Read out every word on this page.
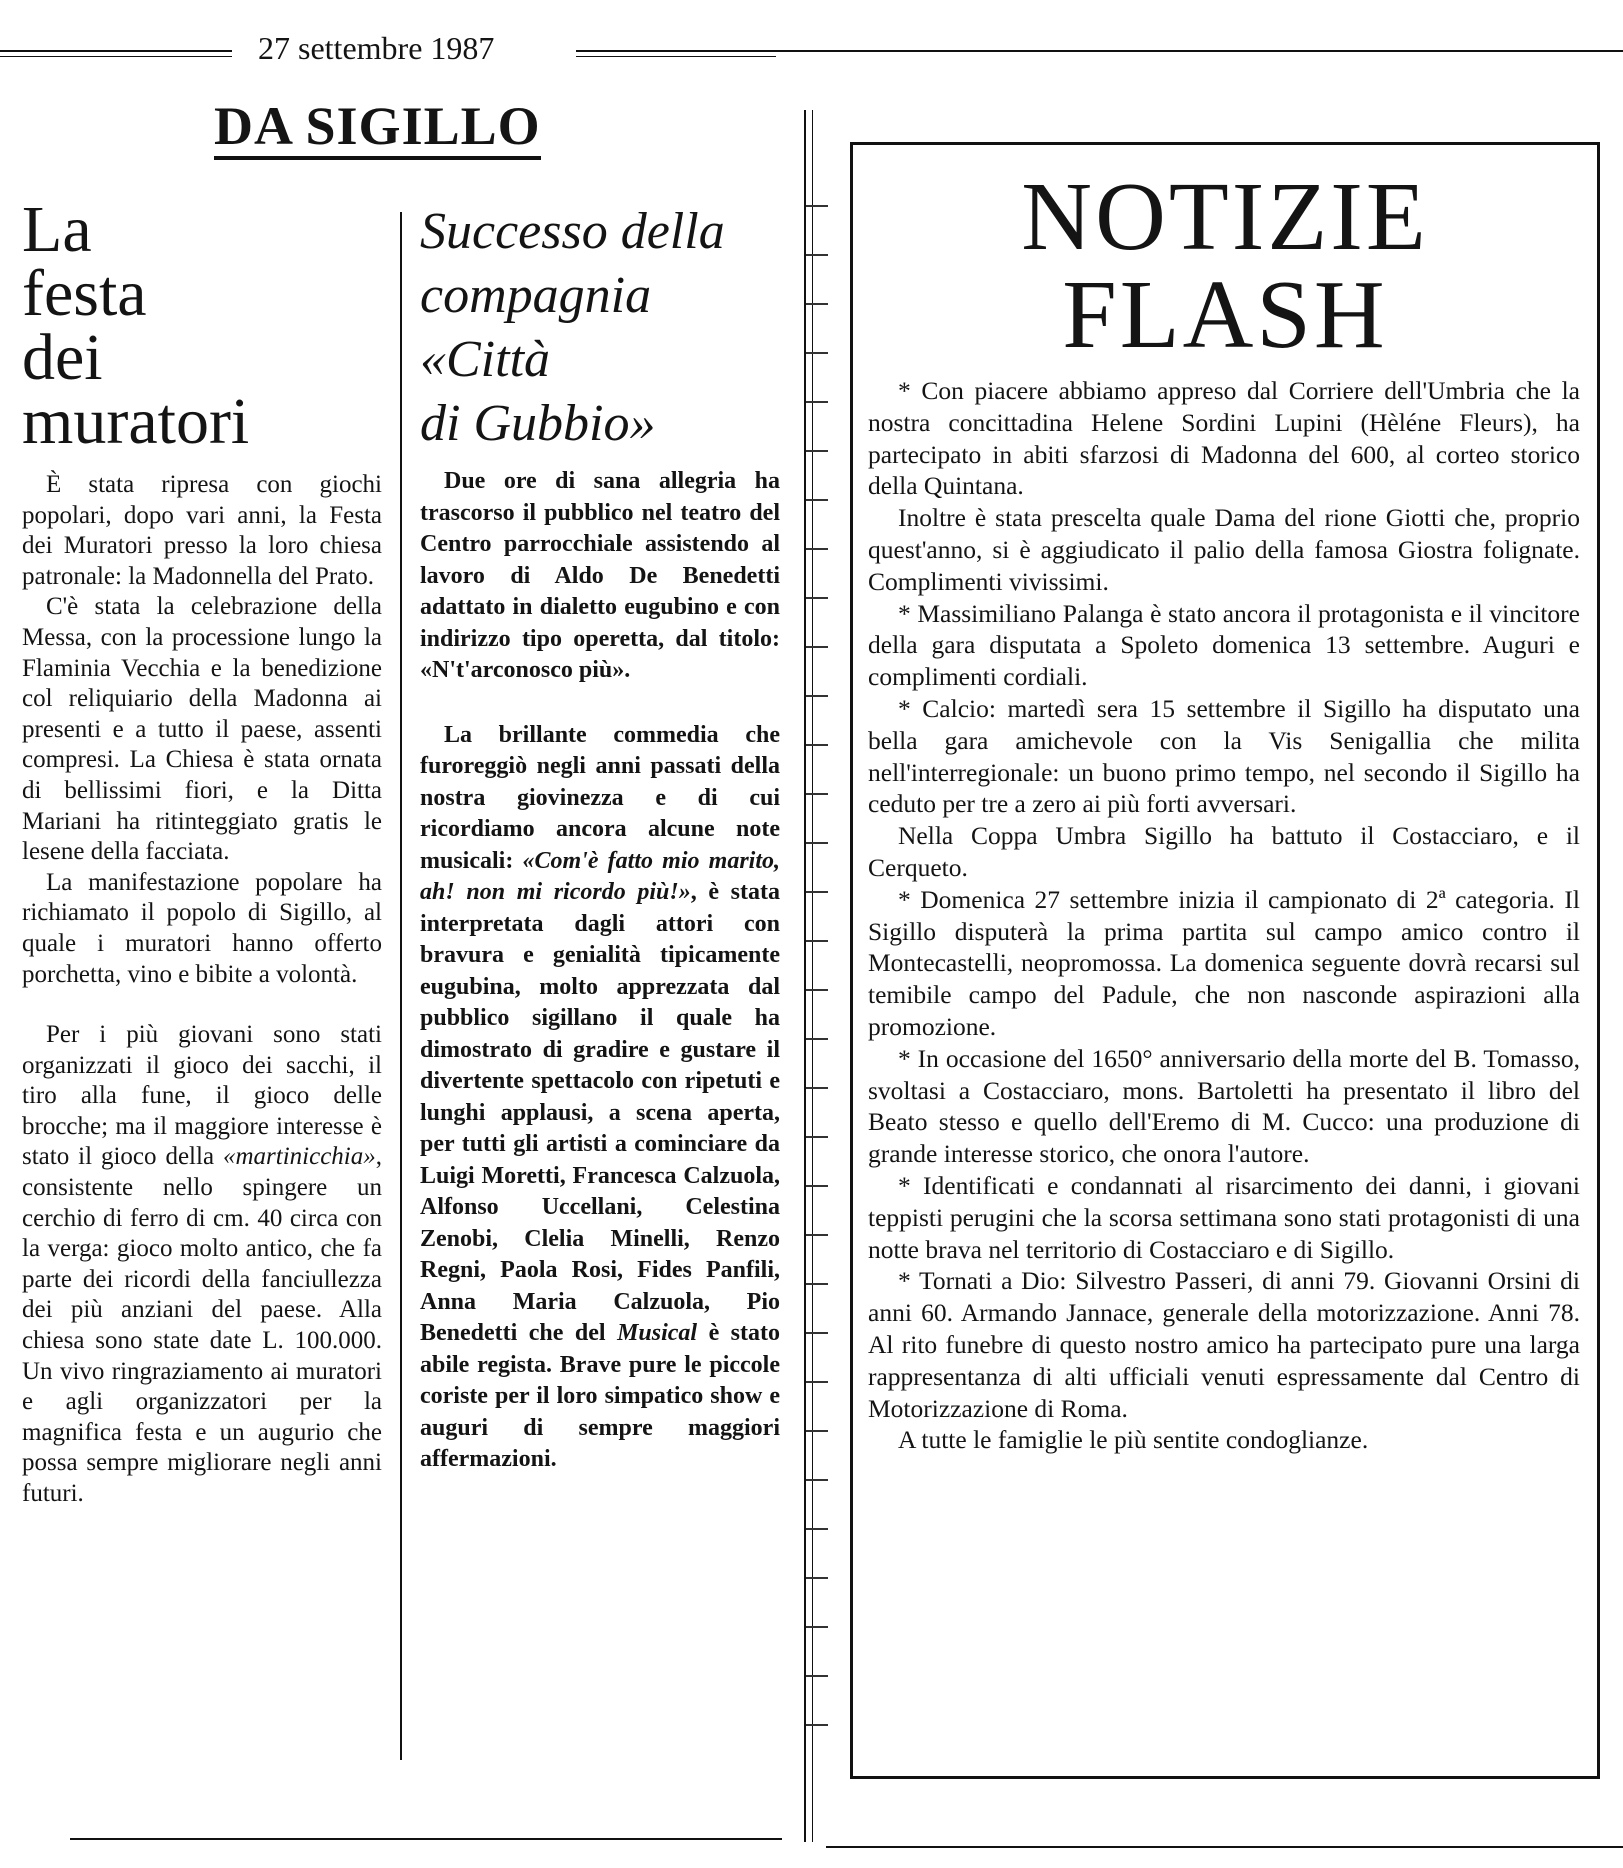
27 settembre 1987
DA SIGILLO
La
festa
dei
muratori

È stata ripresa con giochi popolari, dopo vari anni, la Festa dei Muratori presso la loro chiesa patronale: la Madonnella del Prato.

C'è stata la celebrazione della Messa, con la processione lungo la Flaminia Vecchia e la benedizione col reliquiario della Madonna ai presenti e a tutto il paese, assenti compresi. La Chiesa è stata ornata di bellissimi fiori, e la Ditta Mariani ha ritinteggiato gratis le lesene della facciata.

La manifestazione popolare ha richiamato il popolo di Sigillo, al quale i muratori hanno offerto porchetta, vino e bibite a volontà.

Per i più giovani sono stati organizzati il gioco dei sacchi, il tiro alla fune, il gioco delle brocche; ma il maggiore interesse è stato il gioco della «martinicchia», consistente nello spingere un cerchio di ferro di cm. 40 circa con la verga: gioco molto antico, che fa parte dei ricordi della fanciullezza dei più anziani del paese. Alla chiesa sono state date L. 100.000. Un vivo ringraziamento ai muratori e agli organizzatori per la magnifica festa e un augurio che possa sempre migliorare negli anni futuri.

Successo della
compagnia
«Città
di Gubbio»

Due ore di sana allegria ha trascorso il pubblico nel teatro del Centro parrocchiale assistendo al lavoro di Aldo De Benedetti adattato in dialetto eugubino e con indirizzo tipo operetta, dal titolo: «N't'arconosco più».

La brillante commedia che furoreggiò negli anni passati della nostra giovinezza e di cui ricordiamo ancora alcune note musicali: «Com'è fatto mio marito, ah! non mi ricordo più!», è stata interpretata dagli attori con bravura e genialità tipicamente eugubina, molto apprezzata dal pubblico sigillano il quale ha dimostrato di gradire e gustare il divertente spettacolo con ripetuti e lunghi applausi, a scena aperta, per tutti gli artisti a cominciare da Luigi Moretti, Francesca Calzuola, Alfonso Uccellani, Celestina Zenobi, Clelia Minelli, Renzo Regni, Paola Rosi, Fides Panfili, Anna Maria Calzuola, Pio Benedetti che del Musical è stato abile regista. Brave pure le piccole coriste per il loro simpatico show e auguri di sempre maggiori affermazioni.

NOTIZIE
FLASH

* Con piacere abbiamo appreso dal Corriere dell'Umbria che la nostra concittadina Helene Sordini Lupini (Hèléne Fleurs), ha partecipato in abiti sfarzosi di Madonna del 600, al corteo storico della Quintana.

Inoltre è stata prescelta quale Dama del rione Giotti che, proprio quest'anno, si è aggiudicato il palio della famosa Giostra folignate. Complimenti vivissimi.

* Massimiliano Palanga è stato ancora il protagonista e il vincitore della gara disputata a Spoleto domenica 13 settembre. Auguri e complimenti cordiali.

* Calcio: martedì sera 15 settembre il Sigillo ha disputato una bella gara amichevole con la Vis Senigallia che milita nell'interregionale: un buono primo tempo, nel secondo il Sigillo ha ceduto per tre a zero ai più forti avversari.

Nella Coppa Umbra Sigillo ha battuto il Costacciaro, e il Cerqueto.

* Domenica 27 settembre inizia il campionato di 2ª categoria. Il Sigillo disputerà la prima partita sul campo amico contro il Montecastelli, neopromossa. La domenica seguente dovrà recarsi sul temibile campo del Padule, che non nasconde aspirazioni alla promozione.

* In occasione del 1650° anniversario della morte del B. Tomasso, svoltasi a Costacciaro, mons. Bartoletti ha presentato il libro del Beato stesso e quello dell'Eremo di M. Cucco: una produzione di grande interesse storico, che onora l'autore.

* Identificati e condannati al risarcimento dei danni, i giovani teppisti perugini che la scorsa settimana sono stati protagonisti di una notte brava nel territorio di Costacciaro e di Sigillo.

* Tornati a Dio: Silvestro Passeri, di anni 79. Giovanni Orsini di anni 60. Armando Jannace, generale della motorizzazione. Anni 78. Al rito funebre di questo nostro amico ha partecipato pure una larga rappresentanza di alti ufficiali venuti espressamente dal Centro di Motorizzazione di Roma.

A tutte le famiglie le più sentite condoglianze.
